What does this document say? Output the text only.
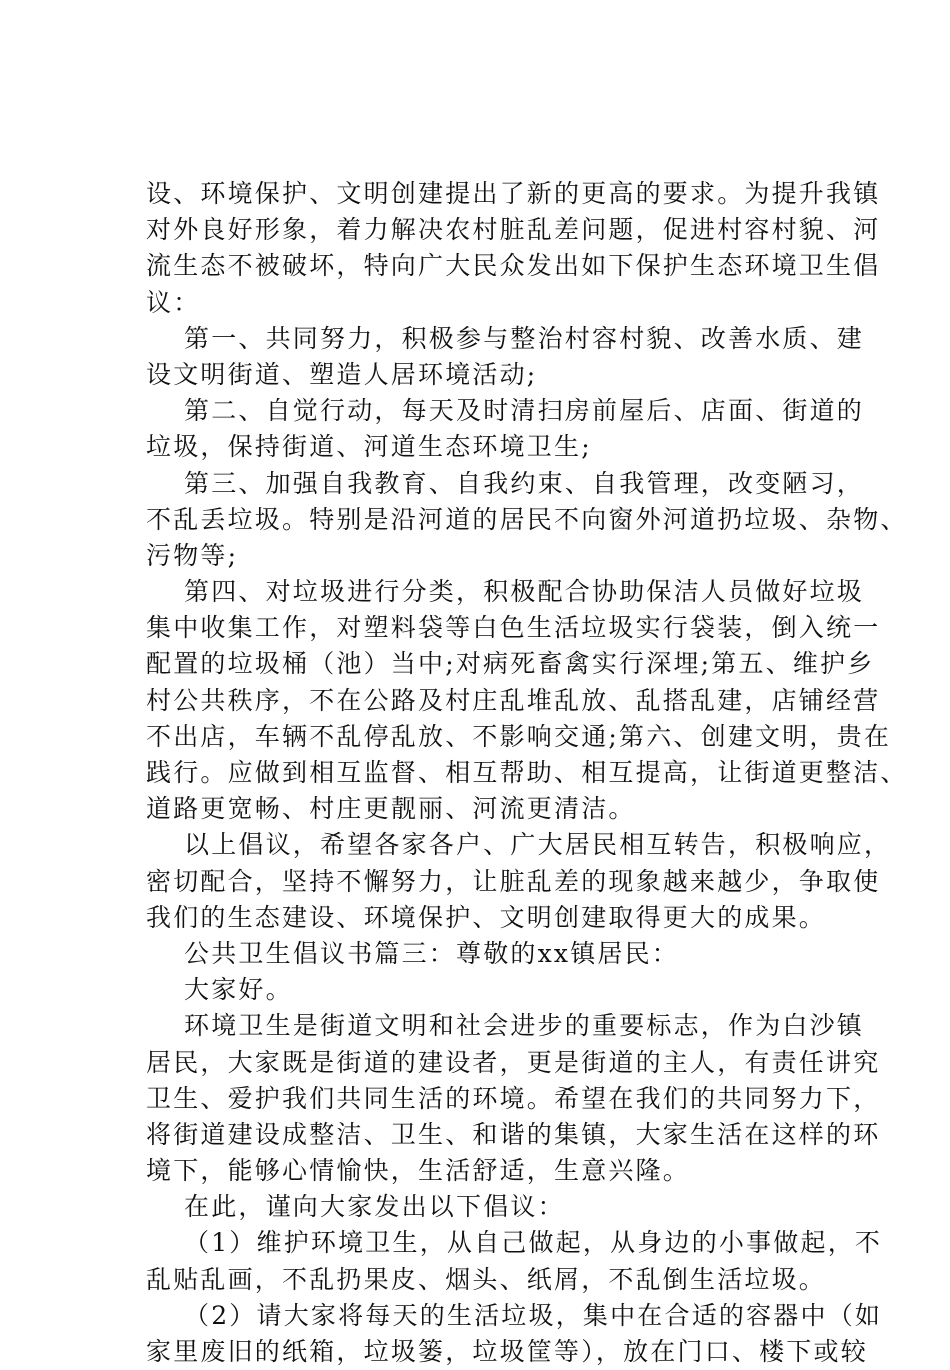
设、环境保护、文明创建提出了新的更高的要求。为提升我镇
对外良好形象，着力解决农村脏乱差问题，促进村容村貌、河
流生态不被破坏，特向广大民众发出如下保护生态环境卫生倡
议：
第一、共同努力，积极参与整治村容村貌、改善水质、建
设文明街道、塑造人居环境活动;
第二、自觉行动，每天及时清扫房前屋后、店面、街道的
垃圾，保持街道、河道生态环境卫生;
第三、加强自我教育、自我约束、自我管理，改变陋习，
不乱丢垃圾。特别是沿河道的居民不向窗外河道扔垃圾、杂物、
污物等;
第四、对垃圾进行分类，积极配合协助保洁人员做好垃圾
集中收集工作，对塑料袋等白色生活垃圾实行袋装，倒入统一
配置的垃圾桶（池）当中;对病死畜禽实行深埋;第五、维护乡
村公共秩序，不在公路及村庄乱堆乱放、乱搭乱建，店铺经营
不出店，车辆不乱停乱放、不影响交通;第六、创建文明，贵在
践行。应做到相互监督、相互帮助、相互提高，让街道更整洁、
道路更宽畅、村庄更靓丽、河流更清洁。
以上倡议，希望各家各户、广大居民相互转告，积极响应，
密切配合，坚持不懈努力，让脏乱差的现象越来越少，争取使
我们的生态建设、环境保护、文明创建取得更大的成果。
公共卫生倡议书篇三：尊敬的xx镇居民：
大家好。
环境卫生是街道文明和社会进步的重要标志，作为白沙镇
居民，大家既是街道的建设者，更是街道的主人，有责任讲究
卫生、爱护我们共同生活的环境。希望在我们的共同努力下，
将街道建设成整洁、卫生、和谐的集镇，大家生活在这样的环
境下，能够心情愉快，生活舒适，生意兴隆。
在此，谨向大家发出以下倡议：
（1）维护环境卫生，从自己做起，从身边的小事做起，不
乱贴乱画，不乱扔果皮、烟头、纸屑，不乱倒生活垃圾。
（2）请大家将每天的生活垃圾，集中在合适的容器中（如
家里废旧的纸箱，垃圾篓，垃圾筐等），放在门口、楼下或较
